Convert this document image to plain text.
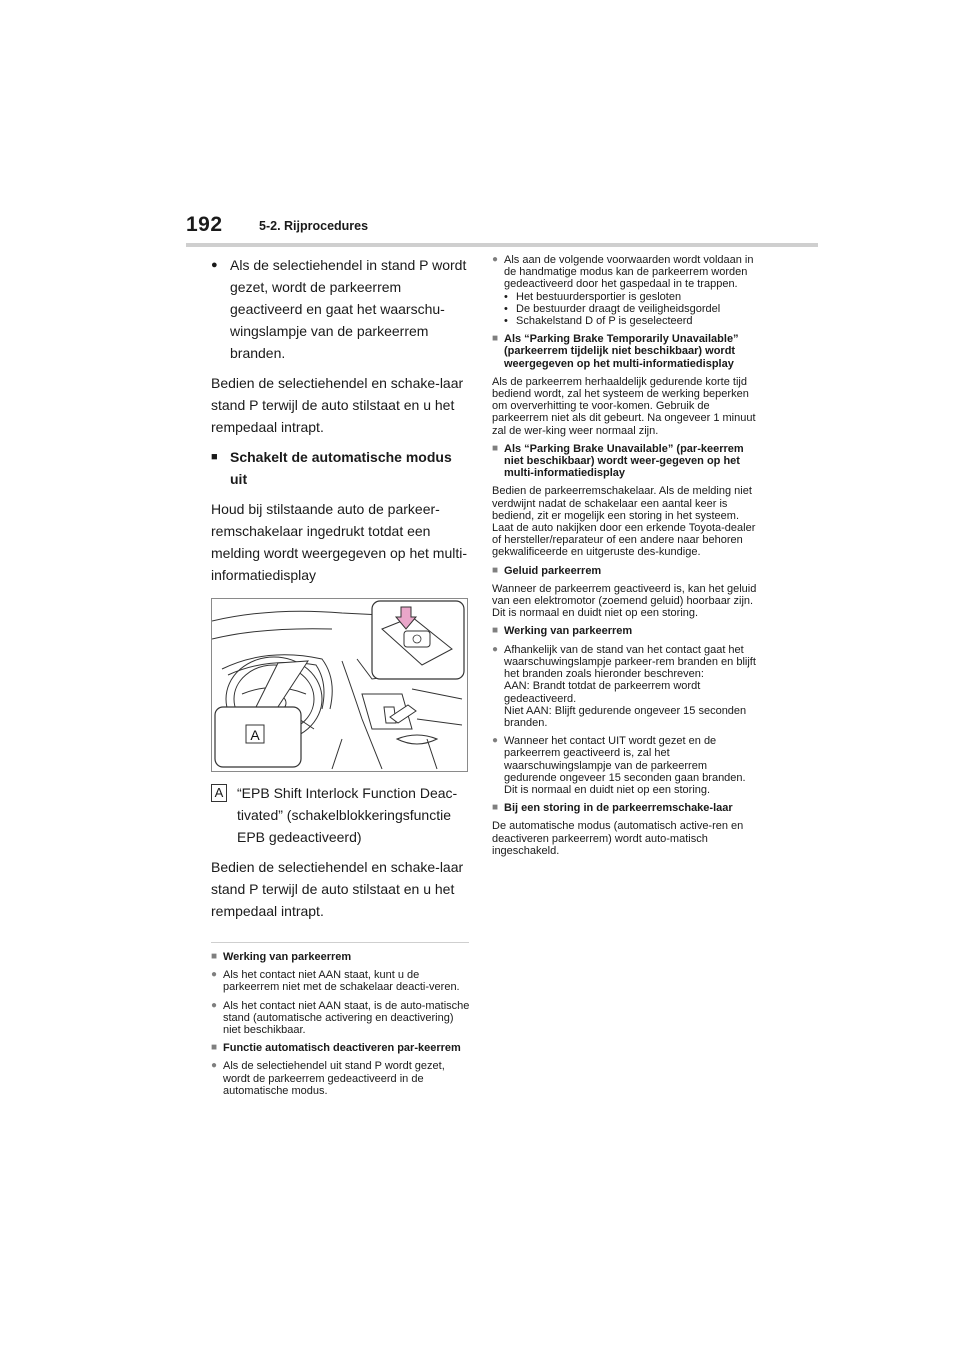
192	5-2. Rijprocedures
●
Als de selectiehendel in stand P wordt gezet, wordt de parkeerrem geactiveerd en gaat het waarschu-wingslampje van de parkeerrem branden.

Bedien de selectiehendel en schake-laar stand P terwijl de auto stilstaat en u het rempedaal intrapt.

■
Schakelt de automatische modus uit

Houd bij stilstaande auto de parkeer-remschakelaar ingedrukt totdat een melding wordt weergegeven op het multi-informatiedisplay

A
A “EPB Shift Interlock Function Deac-tivated” (schakelblokkeringsfunctie EPB gedeactiveerd)

Bedien de selectiehendel en schake-laar stand P terwijl de auto stilstaat en u het rempedaal intrapt.

■
Werking van parkeerrem
●
Als het contact niet AAN staat, kunt u de parkeerrem niet met de schakelaar deacti-veren.
●
Als het contact niet AAN staat, is de auto-matische stand (automatische activering en deactivering) niet beschikbaar.
■
Functie automatisch deactiveren par-keerrem
●
Als de selectiehendel uit stand P wordt gezet, wordt de parkeerrem gedeactiveerd in de automatische modus.
●
Als aan de volgende voorwaarden wordt voldaan in de handmatige modus kan de parkeerrem worden gedeactiveerd door het gaspedaal in te trappen.
• Het bestuurdersportier is gesloten
• De bestuurder draagt de veiligheidsgordel
• Schakelstand D of P is geselecteerd
■
Als “Parking Brake Temporarily Unavailable” (parkeerrem tijdelijk niet beschikbaar) wordt weergegeven op het multi-informatiedisplay

Als de parkeerrem herhaaldelijk gedurende korte tijd bediend wordt, zal het systeem de werking beperken om oververhitting te voor-komen. Gebruik de parkeerrem niet als dit gebeurt. Na ongeveer 1 minuut zal de wer-king weer normaal zijn.

■
Als “Parking Brake Unavailable” (par-keerrem niet beschikbaar) wordt weer-gegeven op het multi-informatiedisplay

Bedien de parkeerremschakelaar. Als de melding niet verdwijnt nadat de schakelaar een aantal keer is bediend, zit er mogelijk een storing in het systeem. Laat de auto nakijken door een erkende Toyota-dealer of hersteller/reparateur of een andere naar behoren gekwalificeerde en uitgeruste des-kundige.

■
Geluid parkeerrem

Wanneer de parkeerrem geactiveerd is, kan het geluid van een elektromotor (zoemend geluid) hoorbaar zijn. Dit is normaal en duidt niet op een storing.

■
Werking van parkeerrem
●
Afhankelijk van de stand van het contact gaat het waarschuwingslampje parkeer-rem branden en blijft het branden zoals hieronder beschreven:
AAN: Brandt totdat de parkeerrem wordt gedeactiveerd.
Niet AAN: Blijft gedurende ongeveer 15 seconden branden.
●
Wanneer het contact UIT wordt gezet en de parkeerrem geactiveerd is, zal het waarschuwingslampje van de parkeerrem gedurende ongeveer 15 seconden gaan branden. Dit is normaal en duidt niet op een storing.
■
Bij een storing in de parkeerremschake-laar

De automatische modus (automatisch active-ren en deactiveren parkeerrem) wordt auto-matisch ingeschakeld.
